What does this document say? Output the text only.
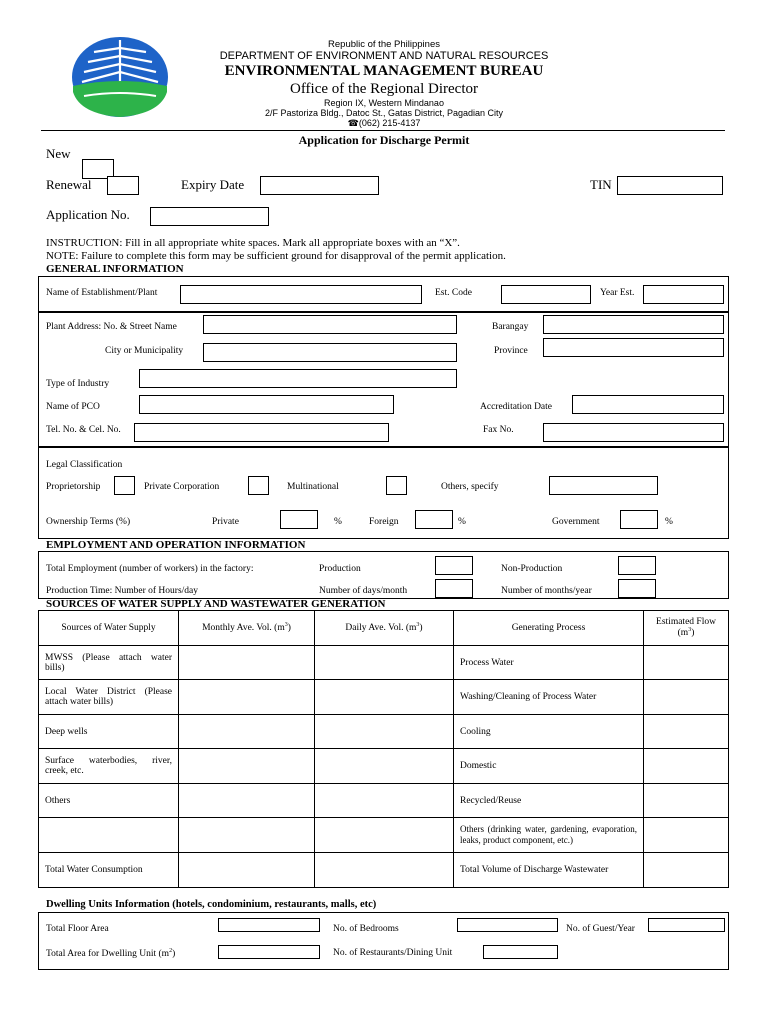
Republic of the Philippines
DEPARTMENT OF ENVIRONMENT AND NATURAL RESOURCES
ENVIRONMENTAL MANAGEMENT BUREAU
Office of the Regional Director
Region IX, Western Mindanao
2/F Pastoriza Bldg., Datoc St., Gatas District, Pagadian City
☎(062) 215-4137
Application for Discharge Permit
New
Renewal	Expiry Date	TIN
Application No.
INSTRUCTION: Fill in all appropriate white spaces. Mark all appropriate boxes with an “X”.
NOTE: Failure to complete this form may be sufficient ground for disapproval of the permit application.
GENERAL INFORMATION
Name of Establishment/Plant	Est. Code	Year Est.
Plant Address: No. & Street Name	Barangay
City or Municipality	Province
Type of Industry
Name of PCO	Accreditation Date
Tel. No. & Cel. No.	Fax No.
Legal Classification
Proprietorship	Private Corporation	Multinational	Others, specify
Ownership Terms (%)	Private	%	Foreign	%	Government	%
EMPLOYMENT AND OPERATION INFORMATION
Total Employment (number of workers) in the factory:	Production	Non-Production
Production Time: Number of Hours/day	Number of days/month	Number of months/year
SOURCES OF WATER SUPPLY AND WASTEWATER GENERATION
Sources of Water Supply	Monthly Ave. Vol. $(m^3)$	Daily Ave. Vol. $(m^3)$	Generating Process	Estimated Flow $(m^3)$
MWSS (Please attach water bills)			Process Water	
Local Water District (Please attach water bills)			Washing/Cleaning of Process Water	
Deep wells			Cooling	
Surface waterbodies, river, creek, etc.			Domestic	
Others			Recycled/Reuse	
			Others (drinking water, gardening, evaporation, leaks, product component, etc.)	
Total Water Consumption			Total Volume of Discharge Wastewater	
Dwelling Units Information (hotels, condominium, restaurants, malls, etc)
Total Floor Area	No. of Bedrooms	No. of Guest/Year
Total Area for Dwelling Unit $(m^2)$	No. of Restaurants/Dining Unit
